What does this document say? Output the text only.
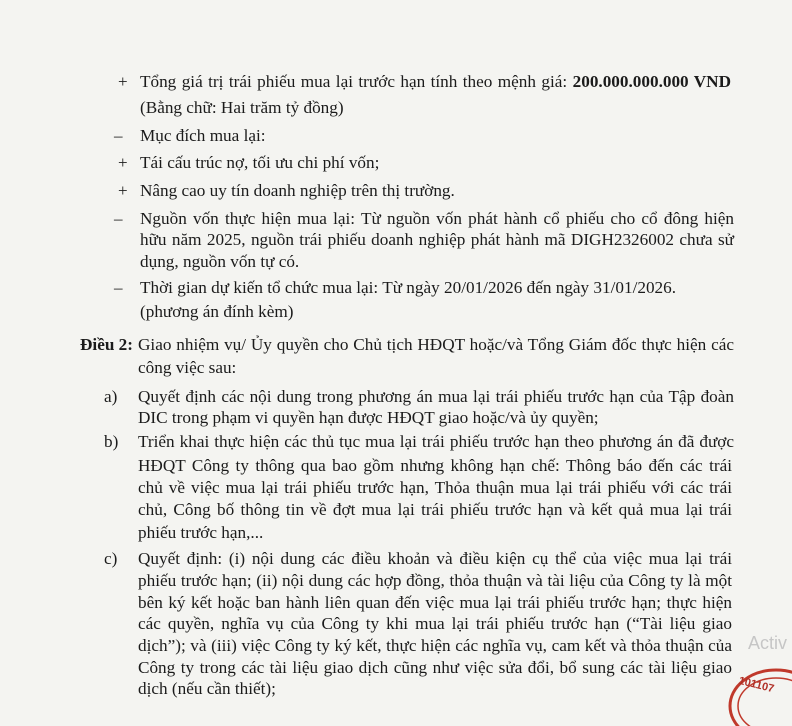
+ Tổng giá trị trái phiếu mua lại trước hạn tính theo mệnh giá: 200.000.000.000 VND
(Bằng chữ: Hai trăm tỷ đồng)
– Mục đích mua lại:
+ Tái cấu trúc nợ, tối ưu chi phí vốn;
+ Nâng cao uy tín doanh nghiệp trên thị trường.
– Nguồn vốn thực hiện mua lại: Từ nguồn vốn phát hành cổ phiếu cho cổ đông hiện
hữu năm 2025, nguồn trái phiếu doanh nghiệp phát hành mã DIGH2326002 chưa sử
dụng, nguồn vốn tự có.
– Thời gian dự kiến tổ chức mua lại: Từ ngày 20/01/2026 đến ngày 31/01/2026.
(phương án đính kèm)
Điều 2: Giao nhiệm vụ/ Ủy quyền cho Chủ tịch HĐQT hoặc/và Tổng Giám đốc thực hiện các
công việc sau:
a) Quyết định các nội dung trong phương án mua lại trái phiếu trước hạn của Tập đoàn
DIC trong phạm vi quyền hạn được HĐQT giao hoặc/và ủy quyền;
b) Triển khai thực hiện các thủ tục mua lại trái phiếu trước hạn theo phương án đã được
HĐQT Công ty thông qua bao gồm nhưng không hạn chế: Thông báo đến các trái
chủ về việc mua lại trái phiếu trước hạn, Thỏa thuận mua lại trái phiếu với các trái
chủ, Công bố thông tin về đợt mua lại trái phiếu trước hạn và kết quả mua lại trái
phiếu trước hạn,...
c) Quyết định: (i) nội dung các điều khoản và điều kiện cụ thể của việc mua lại trái
phiếu trước hạn; (ii) nội dung các hợp đồng, thỏa thuận và tài liệu của Công ty là một
bên ký kết hoặc ban hành liên quan đến việc mua lại trái phiếu trước hạn; thực hiện
các quyền, nghĩa vụ của Công ty khi mua lại trái phiếu trước hạn (“Tài liệu giao
dịch”); và (iii) việc Công ty ký kết, thực hiện các nghĩa vụ, cam kết và thỏa thuận của
Công ty trong các tài liệu giao dịch cũng như việc sửa đổi, bổ sung các tài liệu giao
dịch (nếu cần thiết);
Activ
101107
